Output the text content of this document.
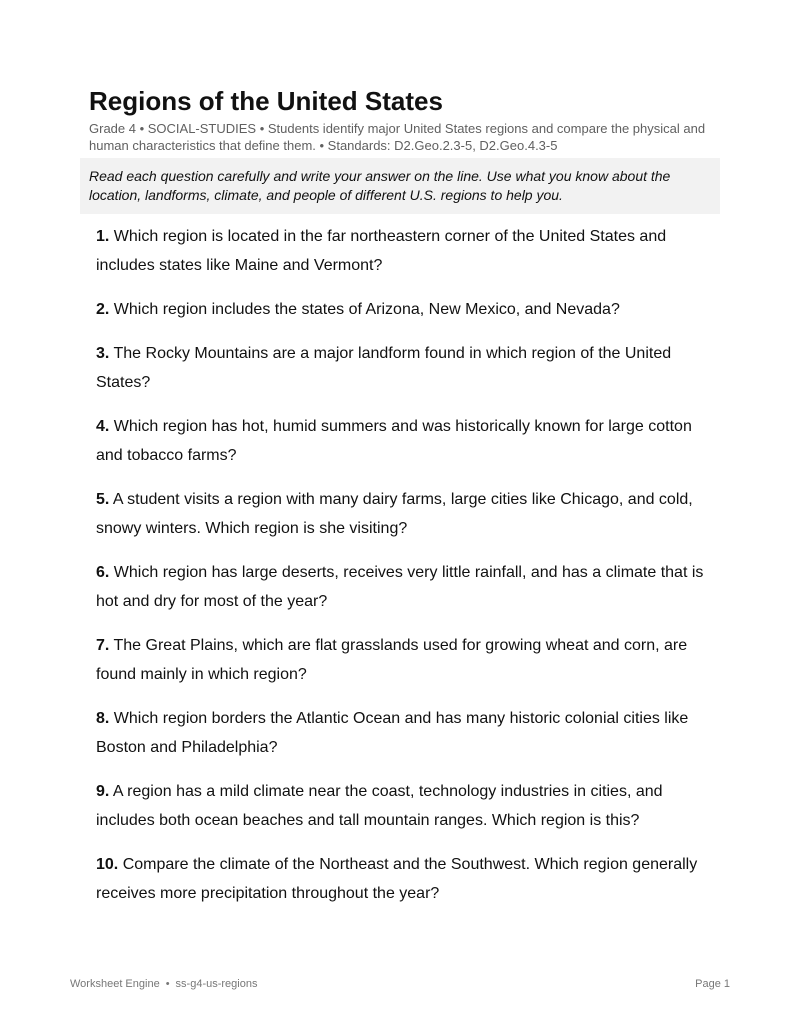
Regions of the United States
Grade 4 • SOCIAL-STUDIES • Students identify major United States regions and compare the physical and human characteristics that define them. • Standards: D2.Geo.2.3-5, D2.Geo.4.3-5
Read each question carefully and write your answer on the line. Use what you know about the location, landforms, climate, and people of different U.S. regions to help you.
1. Which region is located in the far northeastern corner of the United States and includes states like Maine and Vermont?
2. Which region includes the states of Arizona, New Mexico, and Nevada?
3. The Rocky Mountains are a major landform found in which region of the United States?
4. Which region has hot, humid summers and was historically known for large cotton and tobacco farms?
5. A student visits a region with many dairy farms, large cities like Chicago, and cold, snowy winters. Which region is she visiting?
6. Which region has large deserts, receives very little rainfall, and has a climate that is hot and dry for most of the year?
7. The Great Plains, which are flat grasslands used for growing wheat and corn, are found mainly in which region?
8. Which region borders the Atlantic Ocean and has many historic colonial cities like Boston and Philadelphia?
9. A region has a mild climate near the coast, technology industries in cities, and includes both ocean beaches and tall mountain ranges. Which region is this?
10. Compare the climate of the Northeast and the Southwest. Which region generally receives more precipitation throughout the year?
Worksheet Engine • ss-g4-us-regions	Page 1
